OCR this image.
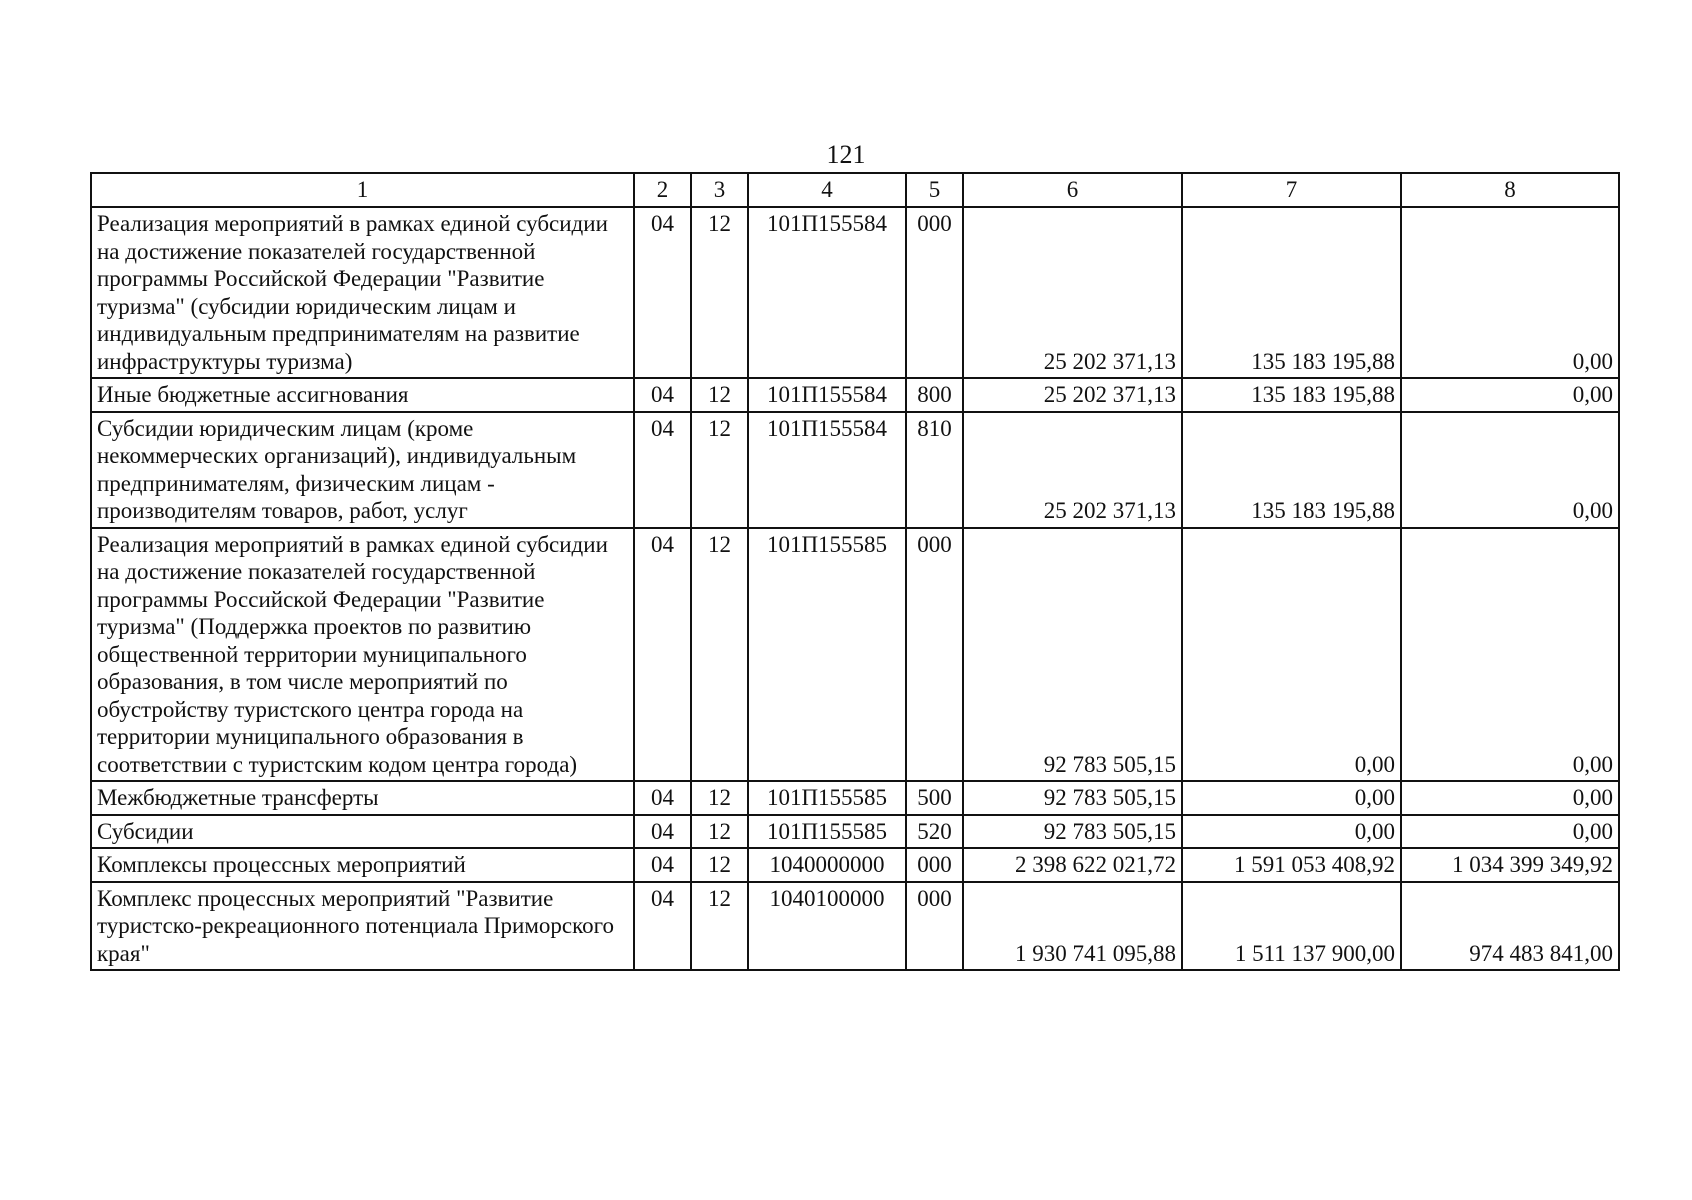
121
1	2	3	4	5	6	7	8
Реализация мероприятий в рамках единой субсидии на достижение показателей государственной программы Российской Федерации "Развитие туризма" (субсидии юридическим лицам и индивидуальным предпринимателям на развитие инфраструктуры туризма)	04	12	101П155584	000	25 202 371,13	135 183 195,88	0,00
Иные бюджетные ассигнования	04	12	101П155584	800	25 202 371,13	135 183 195,88	0,00
Субсидии юридическим лицам (кроме некоммерческих организаций), индивидуальным предпринимателям, физическим лицам - производителям товаров, работ, услуг	04	12	101П155584	810	25 202 371,13	135 183 195,88	0,00
Реализация мероприятий в рамках единой субсидии на достижение показателей государственной программы Российской Федерации "Развитие туризма" (Поддержка проектов по развитию общественной территории муниципального образования, в том числе мероприятий по обустройству туристского центра города на территории муниципального образования в соответствии с туристским кодом центра города)	04	12	101П155585	000	92 783 505,15	0,00	0,00
Межбюджетные трансферты	04	12	101П155585	500	92 783 505,15	0,00	0,00
Субсидии	04	12	101П155585	520	92 783 505,15	0,00	0,00
Комплексы процессных мероприятий	04	12	1040000000	000	2 398 622 021,72	1 591 053 408,92	1 034 399 349,92
Комплекс процессных мероприятий "Развитие туристско-рекреационного потенциала Приморского края"	04	12	1040100000	000	1 930 741 095,88	1 511 137 900,00	974 483 841,00
